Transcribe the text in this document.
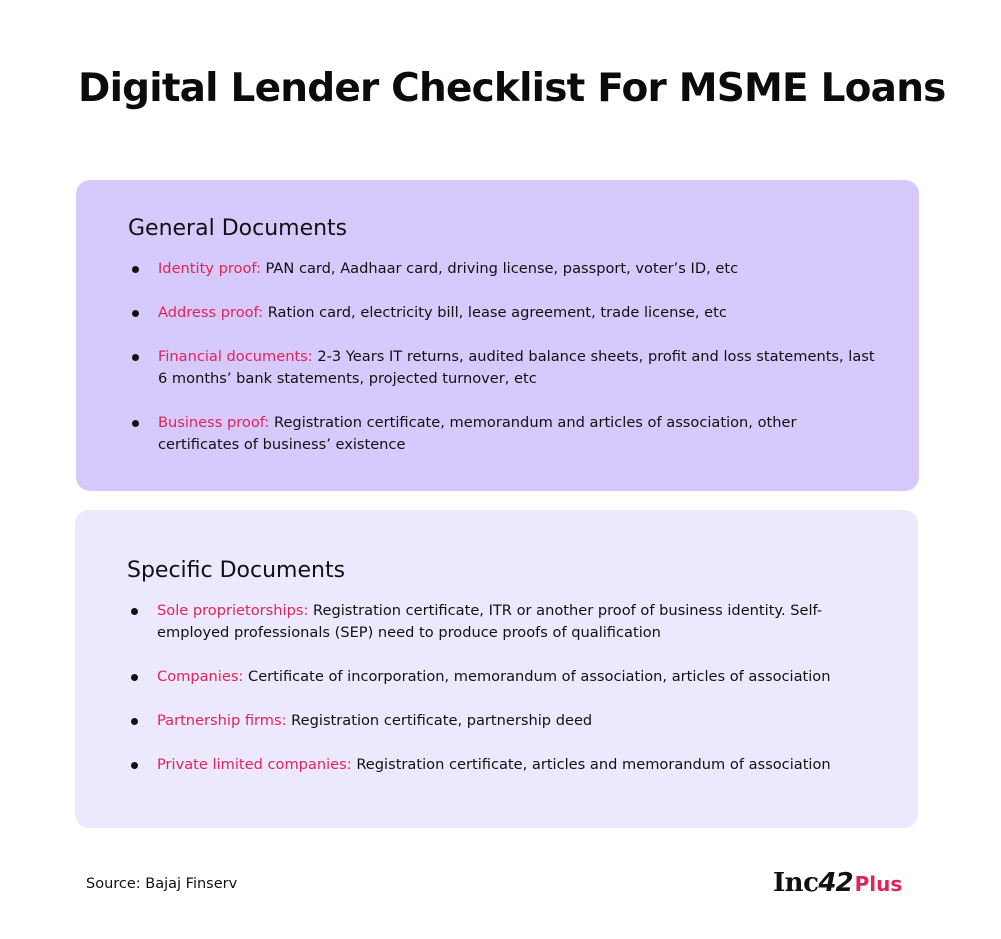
Digital Lender Checklist For MSME Loans
General Documents
Identity proof: PAN card, Aadhaar card, driving license, passport, voter’s ID, etc
Address proof: Ration card, electricity bill, lease agreement, trade license, etc
Financial documents: 2-3 Years IT returns, audited balance sheets, profit and loss statements, last 6 months’ bank statements, projected turnover, etc
Business proof: Registration certificate, memorandum and articles of association, other certificates of business’ existence
Specific Documents
Sole proprietorships: Registration certificate, ITR or another proof of business identity. Self-employed professionals (SEP) need to produce proofs of qualification
Companies: Certificate of incorporation, memorandum of association, articles of association
Partnership firms: Registration certificate, partnership deed
Private limited companies: Registration certificate, articles and memorandum of association
Source: Bajaj Finserv	Inc 42 Plus
